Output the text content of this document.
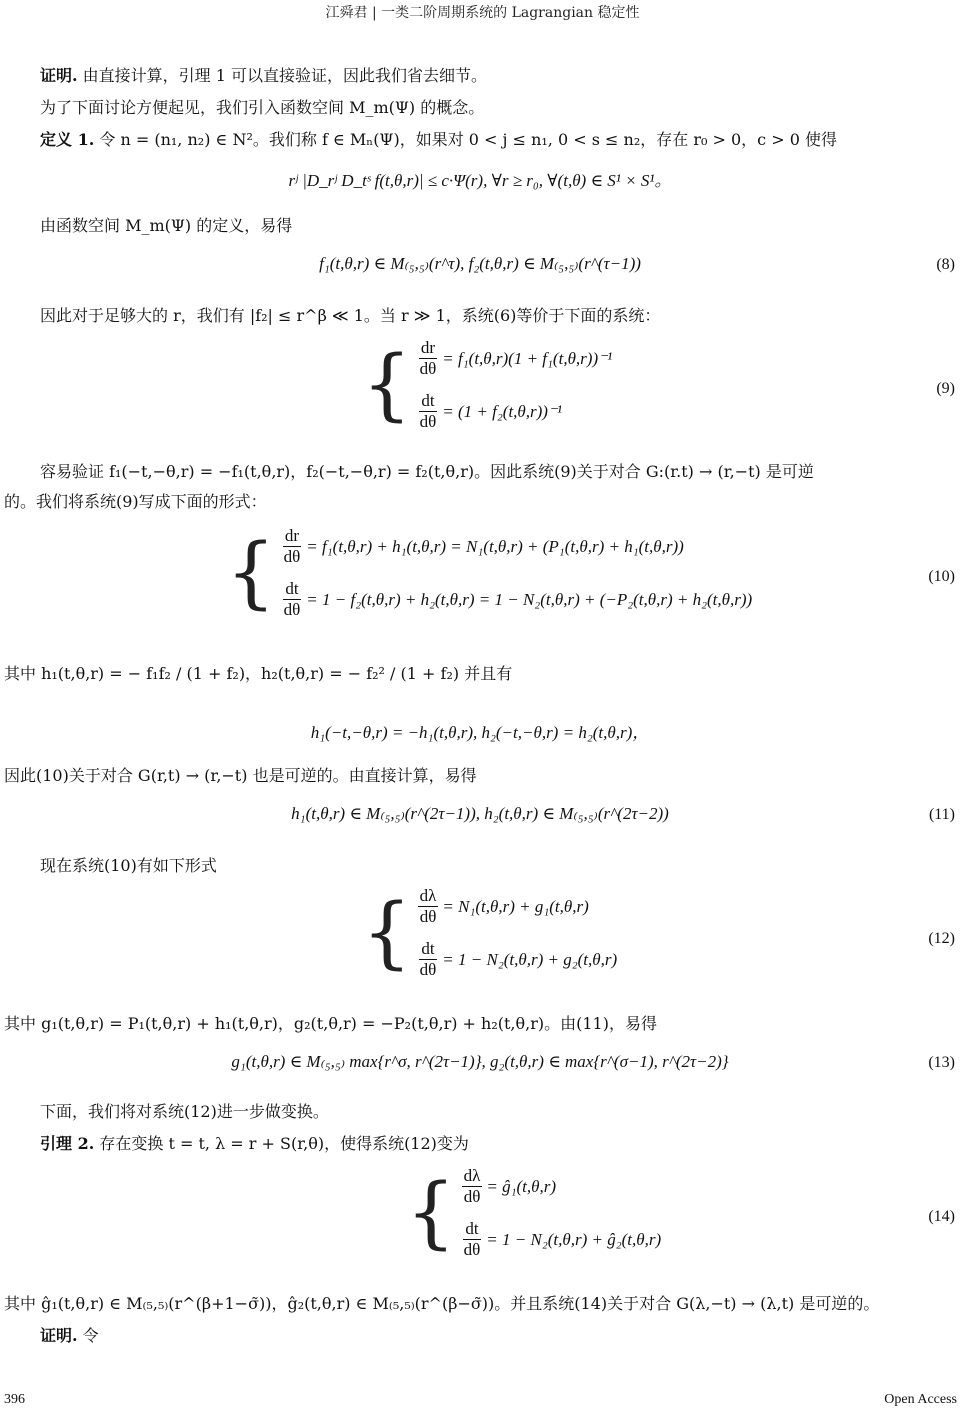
江舜君 | 一类二阶周期系统的 Lagrangian 稳定性
证明. 由直接计算，引理 1 可以直接验证，因此我们省去细节。
为了下面讨论方便起见，我们引入函数空间 M_m(Ψ) 的概念。
定义 1. 令 n = (n₁, n₂) ∈ N²。我们称 f ∈ Mₙ(Ψ)，如果对 0 < j ≤ n₁, 0 < s ≤ n₂，存在 r₀ > 0，c > 0 使得
rʲ |D_rʲ D_tˢ f(t,θ,r)| ≤ c·Ψ(r), ∀r ≥ r₀, ∀(t,θ) ∈ S¹ × S¹。
由函数空间 M_m(Ψ) 的定义，易得
f₁(t,θ,r) ∈ M₍₅,₅₎(r^τ), f₂(t,θ,r) ∈ M₍₅,₅₎(r^(τ−1))	(8)
因此对于足够大的 r，我们有 |f₂| ≤ r^β ≪ 1。当 r ≫ 1，系统(6)等价于下面的系统：
{ $\frac{dr}{d\theta} = f_1(t,\theta,r)(1 + f_1(t,\theta,r))^{-1}$
$\frac{dt}{d\theta} = (1 + f_2(t,\theta,r))^{-1}$
(9)
容易验证 f₁(−t,−θ,r) = −f₁(t,θ,r)，f₂(−t,−θ,r) = f₂(t,θ,r)。因此系统(9)关于对合 G:(r.t) → (r,−t) 是可逆
的。我们将系统(9)写成下面的形式：
{ $\frac{dr}{d\theta} = f_1(t,\theta,r) + h_1(t,\theta,r) = N_1(t,\theta,r) + (P_1(t,\theta,r) + h_1(t,\theta,r))$
$\frac{dt}{d\theta} = 1 - f_2(t,\theta,r) + h_2(t,\theta,r) = 1 - N_2(t,\theta,r) + (-P_2(t,\theta,r) + h_2(t,\theta,r))$
(10)
其中 h₁(t,θ,r) = − f₁f₂ / (1 + f₂)，h₂(t,θ,r) = − f₂² / (1 + f₂) 并且有
h₁(−t,−θ,r) = −h₁(t,θ,r), h₂(−t,−θ,r) = h₂(t,θ,r)，
因此(10)关于对合 G(r,t) → (r,−t) 也是可逆的。由直接计算，易得
h₁(t,θ,r) ∈ M₍₅,₅₎(r^(2τ−1)), h₂(t,θ,r) ∈ M₍₅,₅₎(r^(2τ−2))	(11)
现在系统(10)有如下形式
{ $\frac{d\lambda}{d\theta} = N_1(t,\theta,r) + g_1(t,\theta,r)$
$\frac{dt}{d\theta} = 1 - N_2(t,\theta,r) + g_2(t,\theta,r)$
(12)
其中 g₁(t,θ,r) = P₁(t,θ,r) + h₁(t,θ,r)，g₂(t,θ,r) = −P₂(t,θ,r) + h₂(t,θ,r)。由(11)，易得
g₁(t,θ,r) ∈ M₍₅,₅₎ max{r^σ, r^(2τ−1)}, g₂(t,θ,r) ∈ max{r^(σ−1), r^(2τ−2)}	(13)
下面，我们将对系统(12)进一步做变换。
引理 2. 存在变换 t = t, λ = r + S(r,θ)，使得系统(12)变为
{ $\frac{d\lambda}{d\theta}$ = ĝ₁(t,θ,r)
$\frac{dt}{d\theta} = 1 - N_2(t,\theta,r)$ + ĝ₂(t,θ,r)
(14)
其中 ĝ₁(t,θ,r) ∈ M₍₅,₅₎(r^(β+1−σ̃))，ĝ₂(t,θ,r) ∈ M₍₅,₅₎(r^(β−σ̃))。并且系统(14)关于对合 G(λ,−t) → (λ,t) 是可逆的。
证明. 令
396	Open Access
